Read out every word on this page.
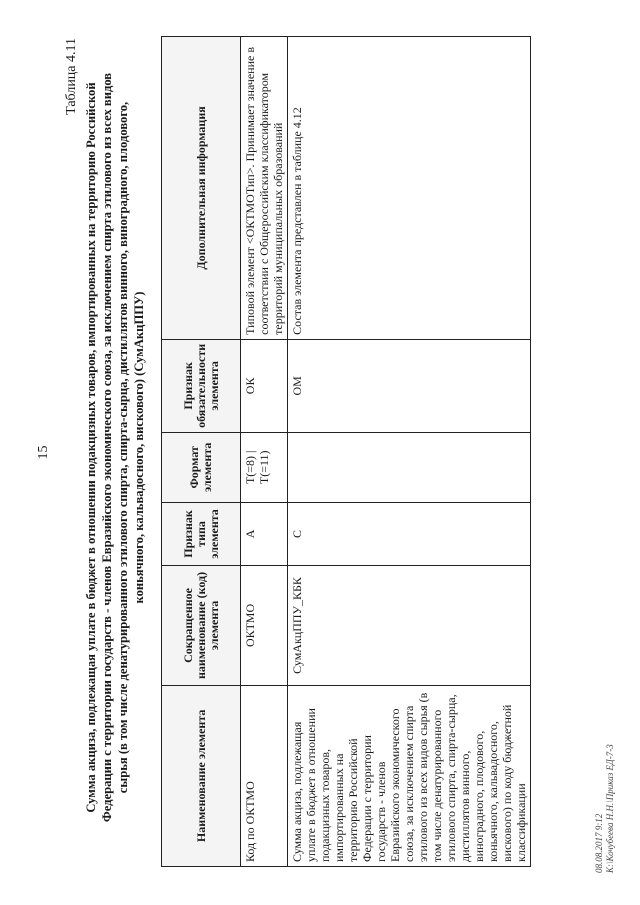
15
Таблица 4.11
Сумма акциза, подлежащая уплате в бюджет в отношении подакцизных товаров, импортированных на территорию Российской Федерации с территории государств - членов Евразийского экономического союза, за исключением спирта этилового из всех видов сырья (в том числе денатурированного этилового спирта, спирта-сырца, дистиллятов винного, виноградного, плодового, коньячного, кальвадосного, вискового) (СумАкцППУ)
Наименование элемента	Сокращенное наименование (код) элемента	Признак типа элемента	Формат элемента	Признак обязательности элемента	Дополнительная информация
Код по ОКТМО	ОКТМО	А	T(=8) | T(=11)	ОК	Типовой элемент <ОКТМОТип>. Принимает значение в соответствии с Общероссийским классификатором территорий муниципальных образований
Сумма акциза, подлежащая уплате в бюджет в отношении подакцизных товаров, импортированных на территорию Российской Федерации с территории государств - членов Евразийского экономического союза, за исключением спирта этилового из всех видов сырья (в том числе денатурированного этилового спирта, спирта-сырца, дистиллятов винного, виноградного, плодового, коньячного, кальвадосного, вискового) по коду бюджетной классификации	СумАкцППУ_КБК	С		ОМ	Состав элемента представлен в таблице 4.12
08.08.2017 9:12 К:\Кочубеева Н.Н.\Приказ ЕД-7-3
